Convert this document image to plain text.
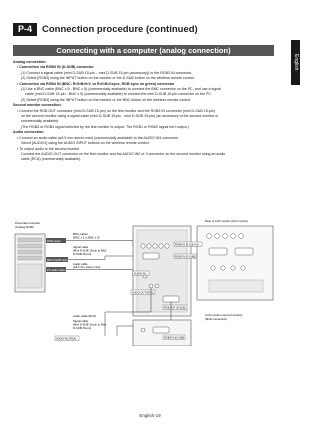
P-4	Connection procedure (continued)
English
Connecting with a computer (analog connection)

Analog connection:

• Connection via RGB3 IN (D-SUB) connector

(1) Connect a signal cable (mini D-SUB 15-pin – mini D-SUB 15-pin (accessory)) to the RGB3 IN connector.

(2) Select [RGB3] using the INPUT button on the monitor or the D-SUB button on the wireless remote control.

• Connection via RGB4 IN (BNC: R•G•B•H•V, or R•G•B•Csync, RGB sync on green) connector

(1) Use a BNC cable (BNC x 5 - BNC x 5) (commercially available) to connect the BNC connector on the PC, and use a signal

cable (mini D-SUB 15-pin - BNC x 5) (commercially available) to connect the mini D-SUB 15-pin connector on the PC.

(2) Select [RGB4] using the INPUT button on the monitor or the BNC button on the wireless remote control.

Second monitor connection:

• Connect the RGB OUT connector (mini D-SUB 15-pin) on the first monitor and the RGB3 IN connector (mini D-SUB 15-pin)

on the second monitor using a signal cable (mini D-SUB 15-pin - mini D-SUB 15-pin) (an accessory of the second monitor or

commercially available).

(The RGB3 or RGB4 signal selected by the first monitor is output. The RGB1 or RGB2 signal isn't output.)

Audio connection:

• Connect an audio cable (ø3.5 mm stereo mini) (commercially available) to the AUDIO IN1 connector.

Select [AUDIO1] using the AUDIO INPUT buttons on the wireless remote control.

• To output audio to the second monitor

Connect the AUDIO OUT connector on the first monitor and the AUDIO IN2 or 3 connector on the second monitor using an audio

cable (RCA) (commercially available).

Personal computer
(Analog RGB)
RGB output
Mini D-SUB output
PC audio output
BNC cables
(BNC x 5 to BNC x 5)
Signal cable
(Mini D-SUB 15-pin to BNC
D-SUB 15-pin)
Audio cable
(ø3.5 mm stereo mini)
Rear of LCD monitor (first monitor)
RGB4 IN (R,G,B,H,V)
RGB3 IN (D-SUB)
AUDIO IN1
AUDIO OUT (RCA)
RGB OUT (D-SUB)
Audio cable (RCA)
Signal cable
(Mini D-SUB 15-pin to Mini
D-SUB 15-pin)
AUDIO IN2 (RCA)	RGB3 IN (D-SUB)
LCD monitor (second monitor)
(Multi connection)
English-19
